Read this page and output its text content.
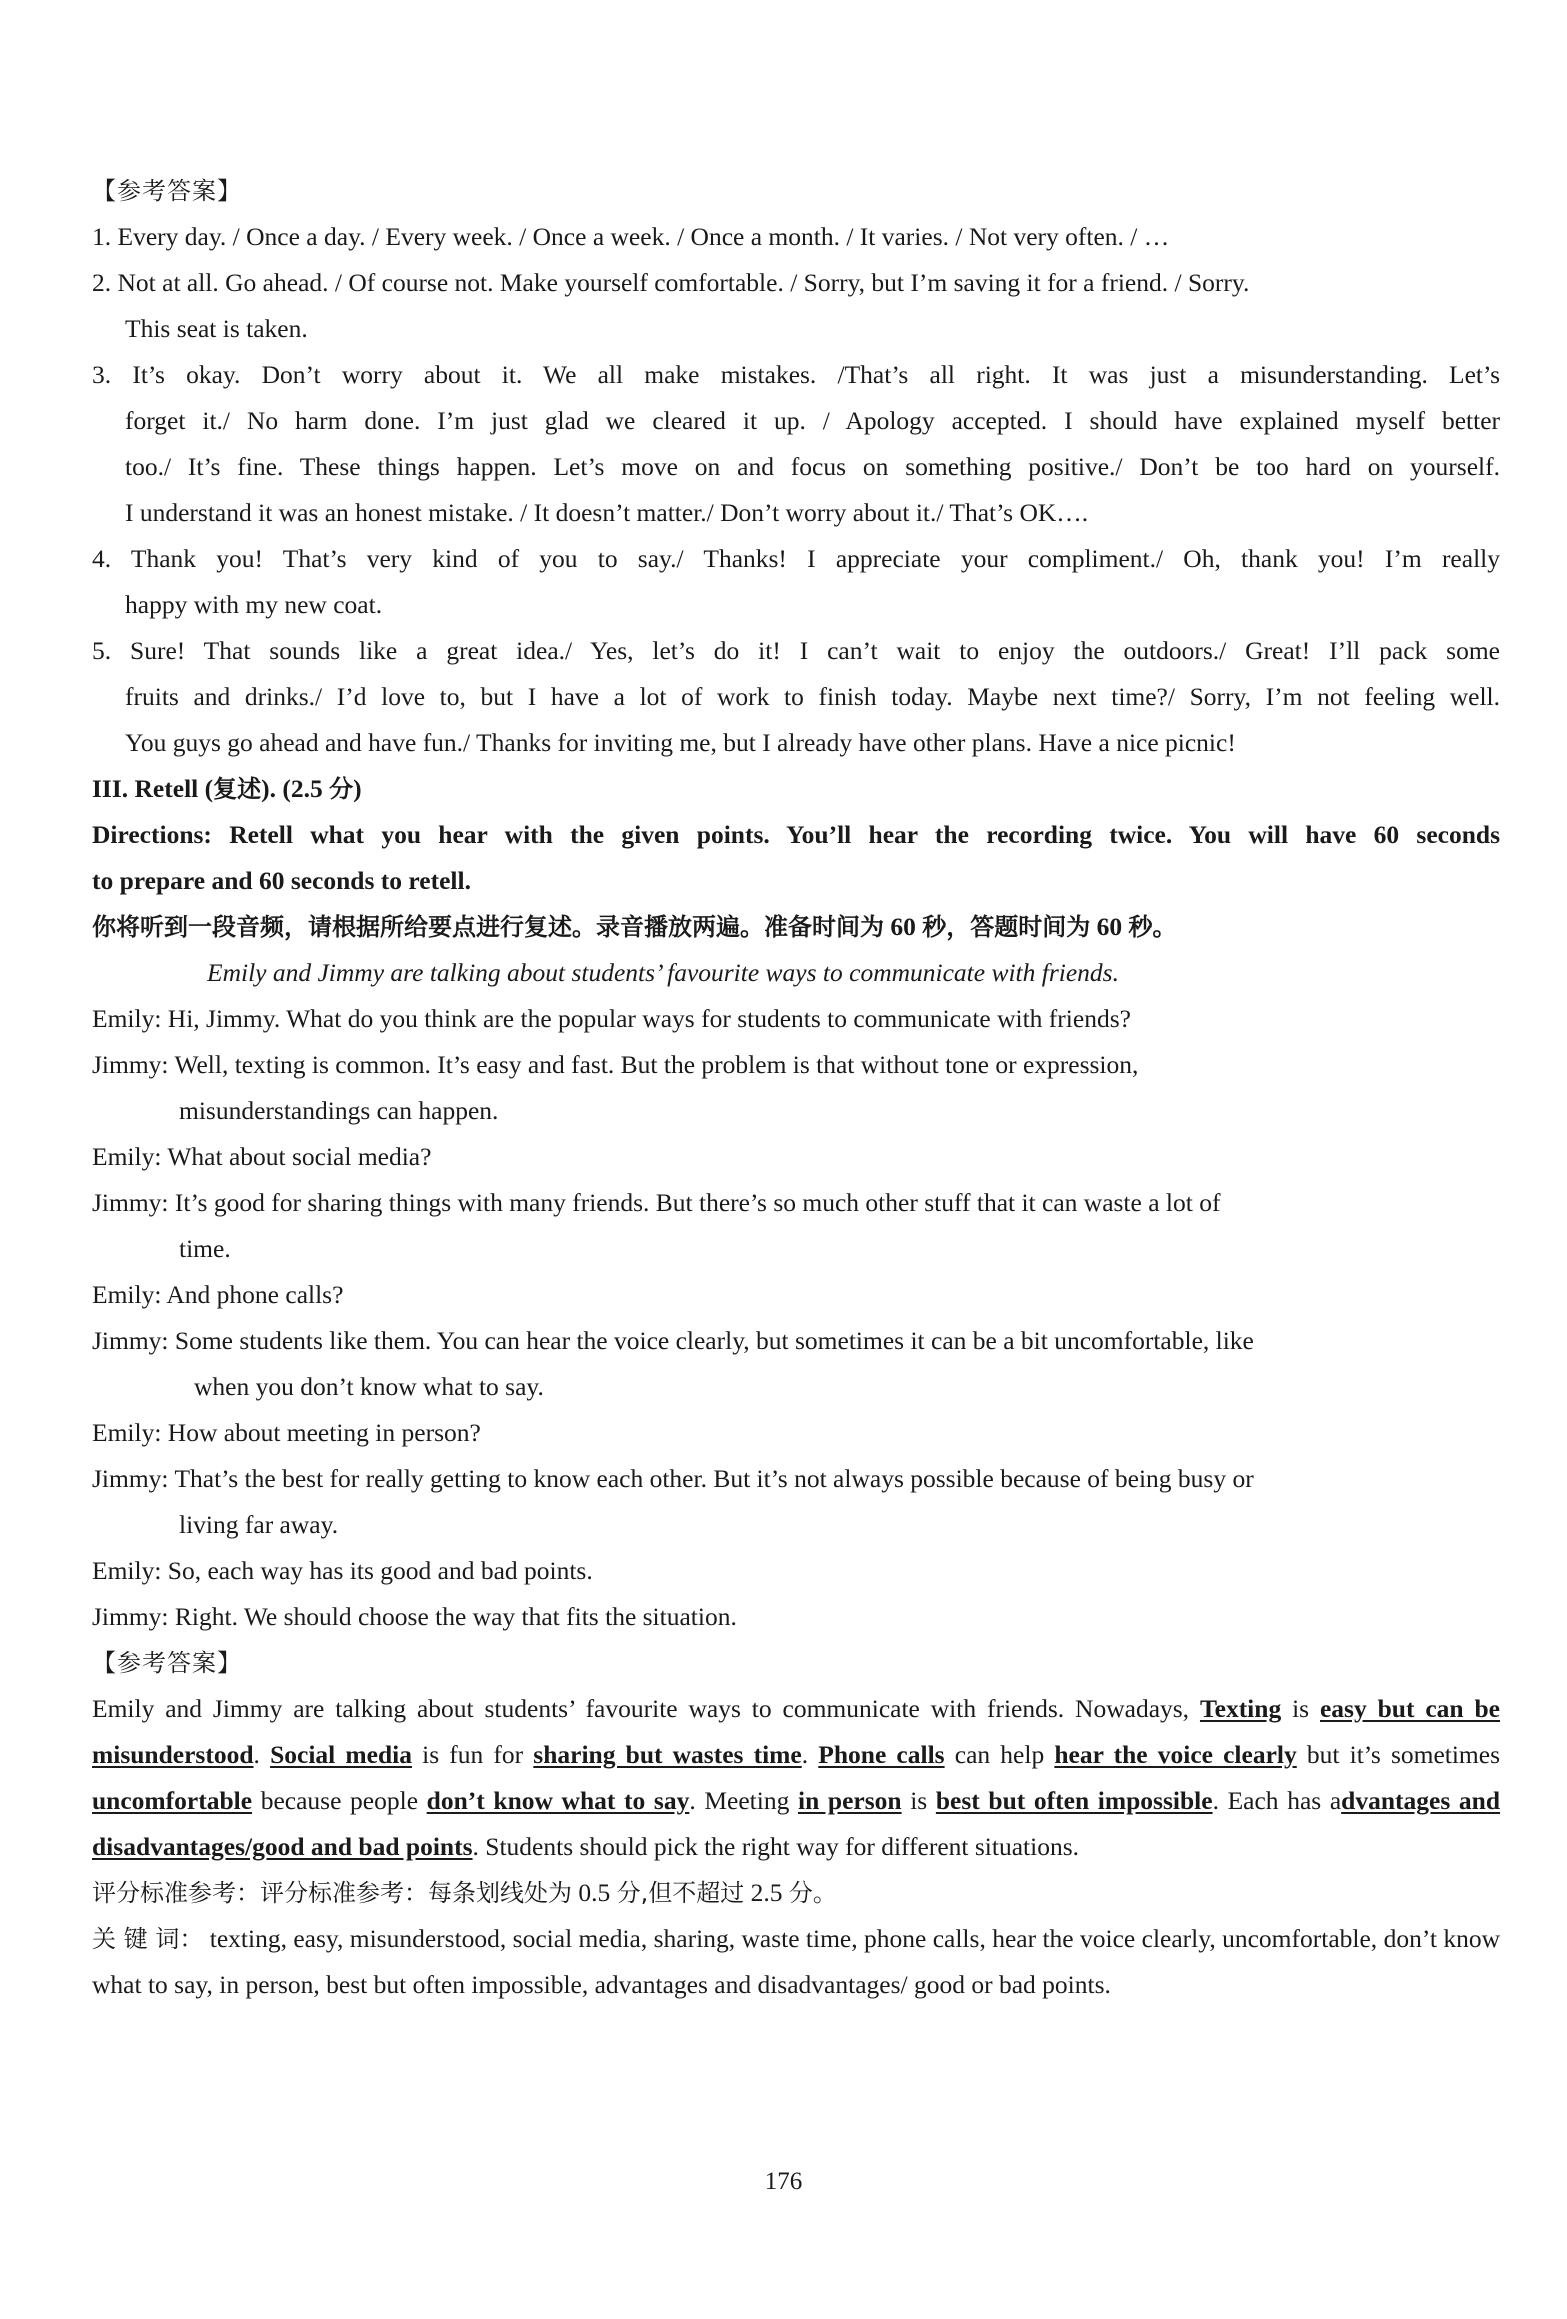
【参考答案】
1. Every day. / Once a day. / Every week. / Once a week. / Once a month. / It varies. / Not very often. / …
2. Not at all. Go ahead. / Of course not. Make yourself comfortable. / Sorry, but I’m saving it for a friend. / Sorry.
This seat is taken.
3. It’s okay. Don’t worry about it. We all make mistakes. /That’s all right. It was just a misunderstanding. Let’s
forget it./ No harm done. I’m just glad we cleared it up. / Apology accepted. I should have explained myself better
too./ It’s fine. These things happen. Let’s move on and focus on something positive./ Don’t be too hard on yourself.
I understand it was an honest mistake. / It doesn’t matter./ Don’t worry about it./ That’s OK….
4. Thank you! That’s very kind of you to say./ Thanks! I appreciate your compliment./ Oh, thank you! I’m really
happy with my new coat.
5. Sure! That sounds like a great idea./ Yes, let’s do it! I can’t wait to enjoy the outdoors./ Great! I’ll pack some
fruits and drinks./ I’d love to, but I have a lot of work to finish today. Maybe next time?/ Sorry, I’m not feeling well.
You guys go ahead and have fun./ Thanks for inviting me, but I already have other plans. Have a nice picnic!
III. Retell (复述). (2.5 分)
Directions: Retell what you hear with the given points. You’ll hear the recording twice. You will have 60 seconds
to prepare and 60 seconds to retell.
你将听到一段音频，请根据所给要点进行复述。录音播放两遍。准备时间为 60 秒，答题时间为 60 秒。
Emily and Jimmy are talking about students’ favourite ways to communicate with friends.
Emily: Hi, Jimmy. What do you think are the popular ways for students to communicate with friends?
Jimmy: Well, texting is common. It’s easy and fast. But the problem is that without tone or expression,
misunderstandings can happen.
Emily: What about social media?
Jimmy: It’s good for sharing things with many friends. But there’s so much other stuff that it can waste a lot of
time.
Emily: And phone calls?
Jimmy: Some students like them. You can hear the voice clearly, but sometimes it can be a bit uncomfortable, like
when you don’t know what to say.
Emily: How about meeting in person?
Jimmy: That’s the best for really getting to know each other. But it’s not always possible because of being busy or
living far away.
Emily: So, each way has its good and bad points.
Jimmy: Right. We should choose the way that fits the situation.
【参考答案】
Emily and Jimmy are talking about students’ favourite ways to communicate with friends. Nowadays, Texting is easy but can be misunderstood. Social media is fun for sharing but wastes time. Phone calls can help hear the voice clearly but it’s sometimes uncomfortable because people don’t know what to say. Meeting in person is best but often impossible. Each has advantages and disadvantages/good and bad points. Students should pick the right way for different situations.
评分标准参考：评分标准参考：每条划线处为 0.5 分,但不超过 2.5 分。
关 键 词： texting, easy, misunderstood, social media, sharing, waste time, phone calls, hear the voice clearly, uncomfortable, don’t know what to say, in person, best but often impossible, advantages and disadvantages/ good or bad points.
176
